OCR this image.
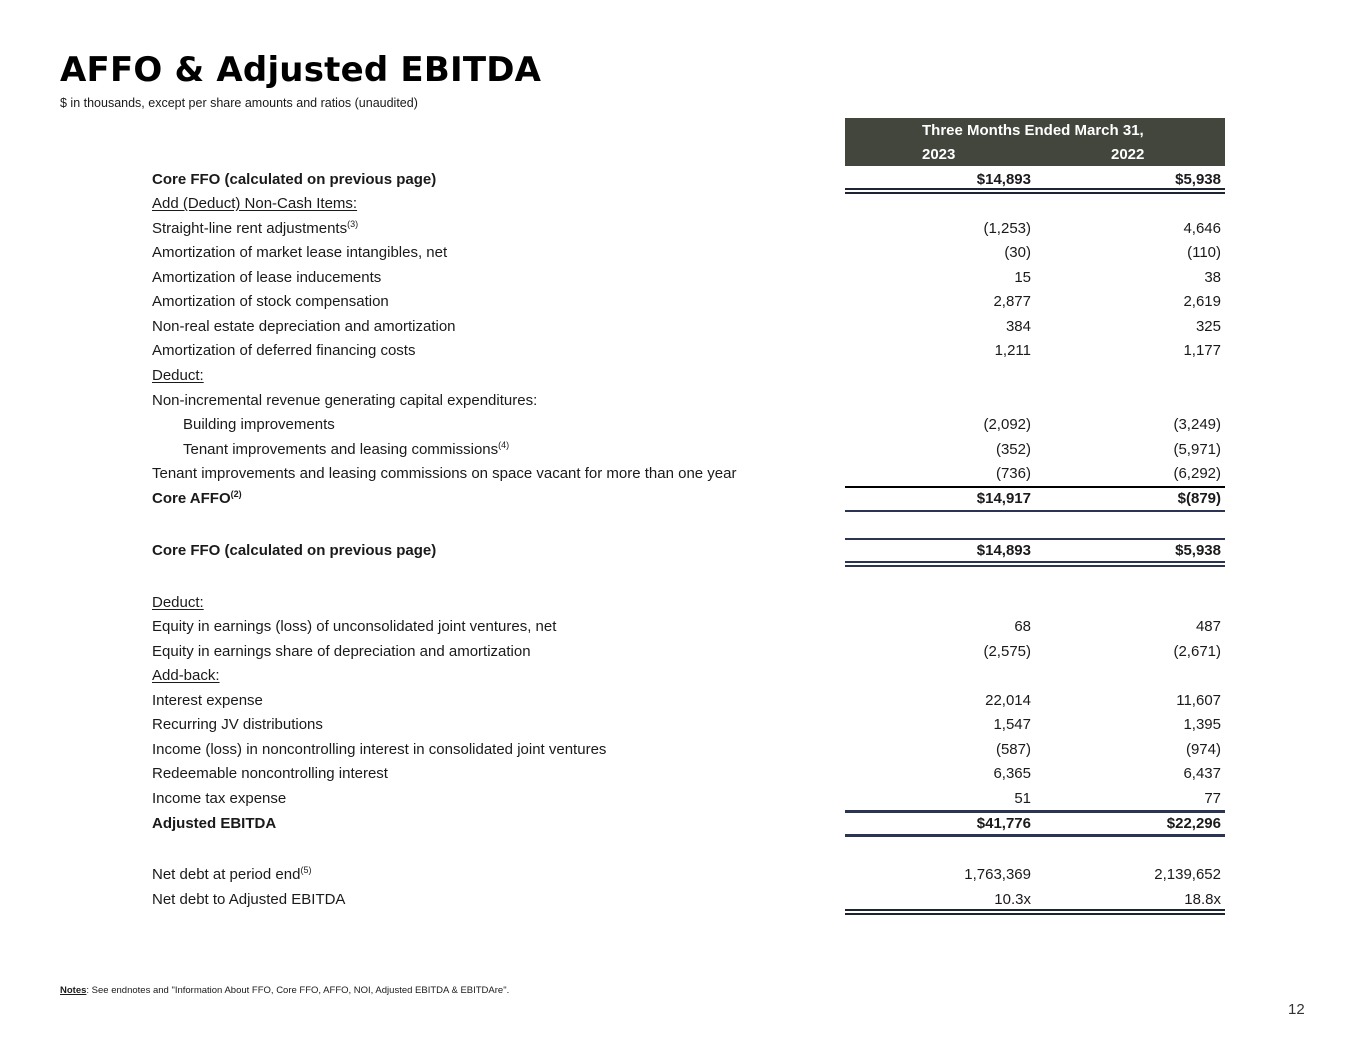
AFFO & Adjusted EBITDA
$ in thousands, except per share amounts and ratios (unaudited)
Three Months Ended March 31,
2023	2022
Core FFO (calculated on previous page)	$14,893	$5,938
Add (Deduct) Non-Cash Items:
Straight-line rent adjustments$^{(3)}$	(1,253)	4,646
Amortization of market lease intangibles, net	(30)	(110)
Amortization of lease inducements	15	38
Amortization of stock compensation	2,877	2,619
Non-real estate depreciation and amortization	384	325
Amortization of deferred financing costs	1,211	1,177
Deduct:
Non-incremental revenue generating capital expenditures:
Building improvements	(2,092)	(3,249)
Tenant improvements and leasing commissions$^{(4)}$	(352)	(5,971)
Tenant improvements and leasing commissions on space vacant for more than one year	(736)	(6,292)
Core AFFO$^{(2)}$	$14,917	$(879)
Core FFO (calculated on previous page)	$14,893	$5,938
Deduct:
Equity in earnings (loss) of unconsolidated joint ventures, net	68	487
Equity in earnings share of depreciation and amortization	(2,575)	(2,671)
Add-back:
Interest expense	22,014	11,607
Recurring JV distributions	1,547	1,395
Income (loss) in noncontrolling interest in consolidated joint ventures	(587)	(974)
Redeemable noncontrolling interest	6,365	6,437
Income tax expense	51	77
Adjusted EBITDA	$41,776	$22,296
Net debt at period end$^{(5)}$	1,763,369	2,139,652
Net debt to Adjusted EBITDA	10.3x	18.8x
Notes: See endnotes and "Information About FFO, Core FFO, AFFO, NOI, Adjusted EBITDA & EBITDAre".
12
